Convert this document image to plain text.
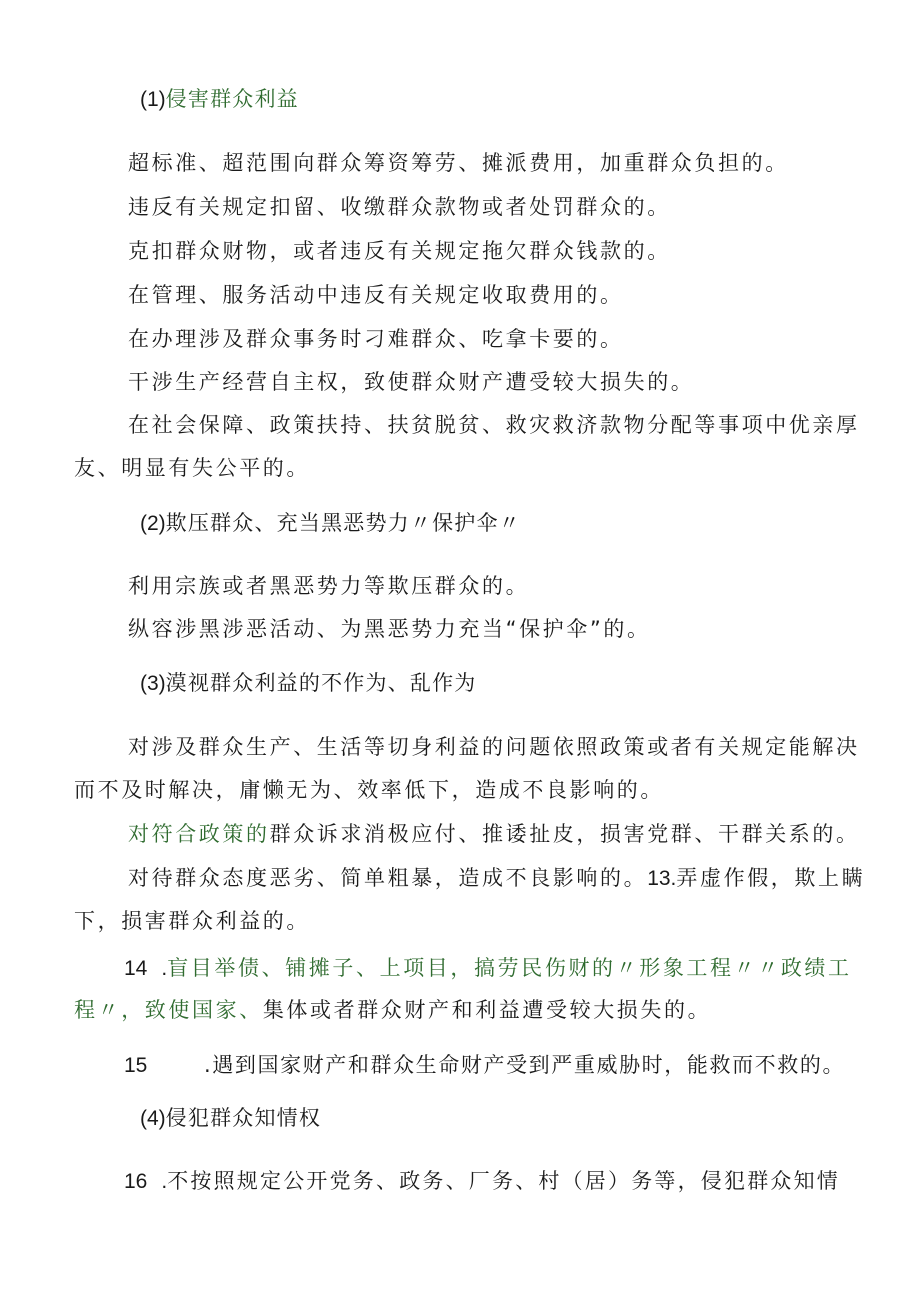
(1)侵害群众利益
超标准、超范围向群众筹资筹劳、摊派费用，加重群众负担的。
违反有关规定扣留、收缴群众款物或者处罚群众的。
克扣群众财物，或者违反有关规定拖欠群众钱款的。
在管理、服务活动中违反有关规定收取费用的。
在办理涉及群众事务时刁难群众、吃拿卡要的。
干涉生产经营自主权，致使群众财产遭受较大损失的。
在社会保障、政策扶持、扶贫脱贫、救灾救济款物分配等事项中优亲厚
友、明显有失公平的。
(2)欺压群众、充当黑恶势力〃保护伞〃
利用宗族或者黑恶势力等欺压群众的。
纵容涉黑涉恶活动、为黑恶势力充当“保护伞”的。
(3)漠视群众利益的不作为、乱作为
对涉及群众生产、生活等切身利益的问题依照政策或者有关规定能解决
而不及时解决，庸懒无为、效率低下，造成不良影响的。
对符合政策的群众诉求消极应付、推诿扯皮，损害党群、干群关系的。
对待群众态度恶劣、简单粗暴，造成不良影响的。13.弄虚作假，欺上瞒
下，损害群众利益的。
14 .盲目举债、铺摊子、上项目，搞劳民伤财的〃形象工程〃〃政绩工
程〃，致使国家、集体或者群众财产和利益遭受较大损失的。
15	.遇到国家财产和群众生命财产受到严重威胁时，能救而不救的。
(4)侵犯群众知情权
16 .不按照规定公开党务、政务、厂务、村（居）务等，侵犯群众知情
